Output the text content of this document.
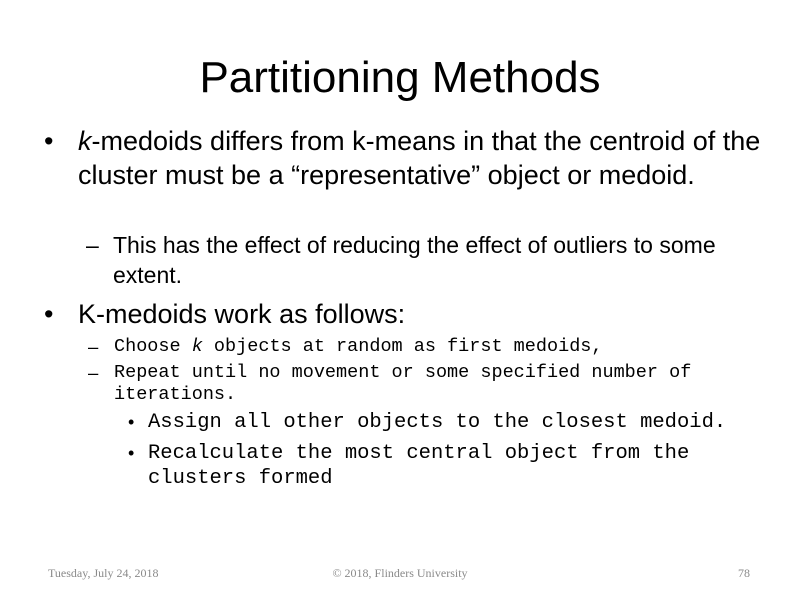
Partitioning Methods
• k-medoids differs from k-means in that the centroid of the cluster must be a “representative” object or medoid.
– This has the effect of reducing the effect of outliers to some extent.
• K-medoids work as follows:
– Choose k objects at random as first medoids,
– Repeat until no movement or some specified number of iterations.
• Assign all other objects to the closest medoid.
• Recalculate the most central object from the clusters formed
Tuesday, July 24, 2018	© 2018, Flinders University	78
